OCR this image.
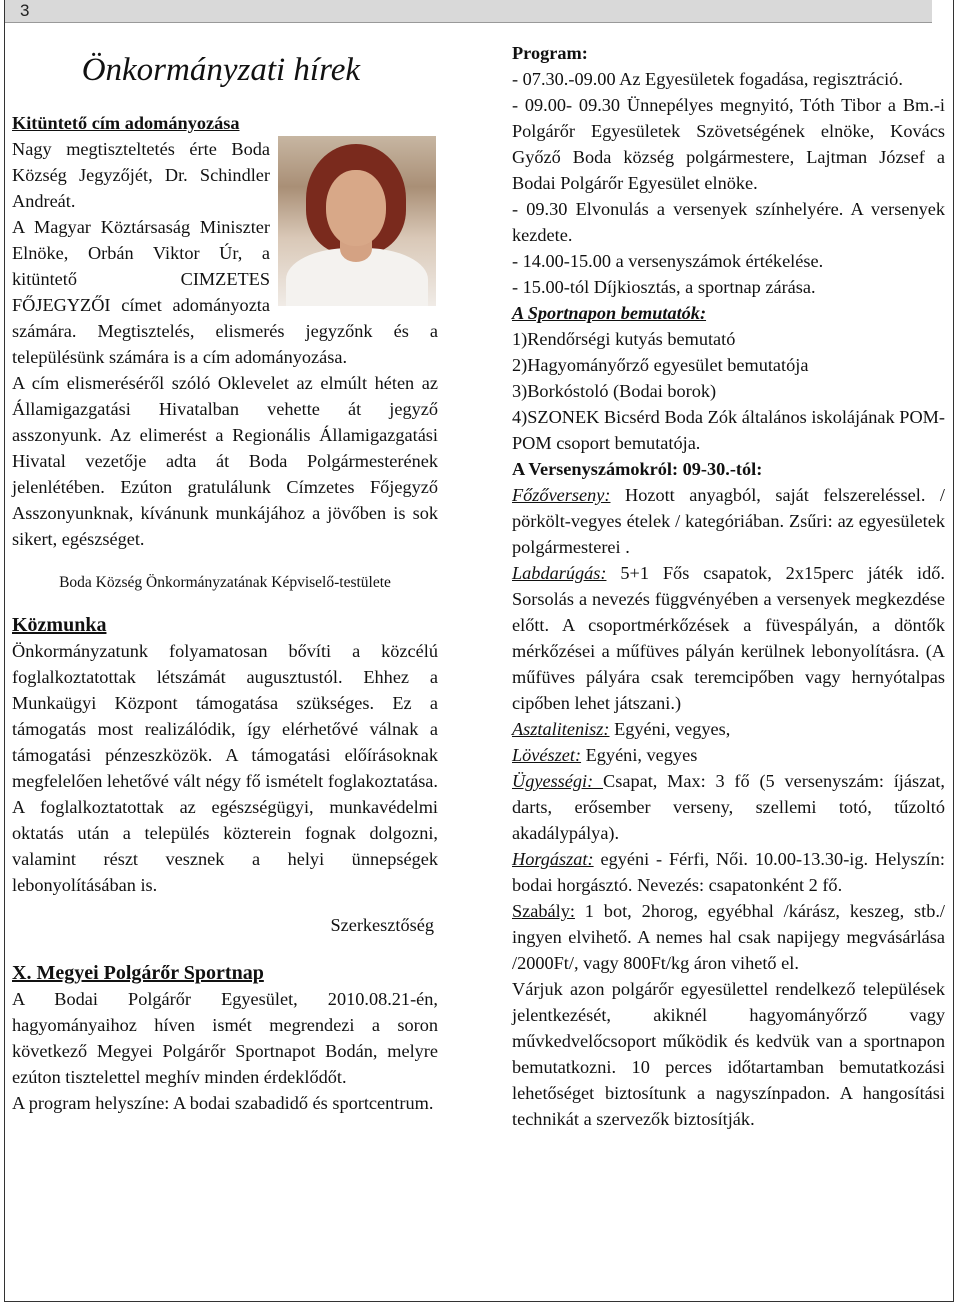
3
Önkormányzati hírek
Kitüntető cím adományozása

Nagy megtiszteltetés érte Boda Község Jegyzőjét, Dr. Schindler Andreát.

A Magyar Köztársaság Miniszter Elnöke, Orbán Viktor Úr, a kitüntető CIMZETES FŐJEGYZŐI címet adományozta számára. Megtisztelés, elismerés jegyzőnk és a településünk számára is a cím adományozása.

A cím elismeréséről szóló Oklevelet az elmúlt héten az Államigazgatási Hivatalban vehette át jegyző asszonyunk. Az elimerést a Regionális Államigazgatási Hivatal vezetője adta át Boda Polgármesterének jelenlétében. Ezúton gratulálunk Címzetes Főjegyző Asszonyunknak, kívánunk munkájához a jövőben is sok sikert, egészséget.

Boda Község Önkormányzatának Képviselő-testülete
Közmunka

Önkormányzatunk folyamatosan bővíti a közcélú foglalkoztatottak létszámát augusztustól. Ehhez a Munkaügyi Központ támogatása szükséges. Ez a támogatás most realizálódik, így elérhetővé válnak a támogatási pénzeszközök. A támogatási előírásoknak megfelelően lehetővé vált négy fő ismételt foglakoztatása. A foglalkoztatottak az egészségügyi, munkavédelmi oktatás után a település közterein fognak dolgozni, valamint részt vesznek a helyi ünnepségek lebonyolításában is.

Szerkesztőség
X. Megyei Polgárőr Sportnap

A Bodai Polgárőr Egyesület, 2010.08.21-én, hagyományaihoz híven ismét megrendezi a soron következő Megyei Polgárőr Sportnapot Bodán, melyre ezúton tisztelettel meghív minden érdeklődőt.

A program helyszíne: A bodai szabadidő és sportcentrum.

Program:

- 07.30.-09.00 Az Egyesületek fogadása, regisztráció.

- 09.00- 09.30 Ünnepélyes megnyitó, Tóth Tibor a Bm.-i Polgárőr Egyesületek Szövetségének elnöke, Kovács Győző Boda község polgármestere, Lajtman József a Bodai Polgárőr Egyesület elnöke.

- 09.30 Elvonulás a versenyek színhelyére. A versenyek kezdete.

- 14.00-15.00 a versenyszámok értékelése.

- 15.00-tól Díjkiosztás, a sportnap zárása.

A Sportnapon bemutatók:

1)Rendőrségi kutyás bemutató

2)Hagyományőrző egyesület bemutatója

3)Borkóstoló (Bodai borok)

4)SZONEK Bicsérd Boda Zók általános iskolájának POM-POM csoport bemutatója.

A Versenyszámokról: 09-30.-tól:

Főzőverseny: Hozott anyagból, saját felszereléssel. / pörkölt-vegyes ételek / kategóriában. Zsűri: az egyesületek polgármesterei .

Labdarúgás: 5+1 Fős csapatok, 2x15perc játék idő. Sorsolás a nevezés függvényében a versenyek megkezdése előtt. A csoportmérkőzések a füvespályán, a döntők mérkőzései a műfüves pályán kerülnek lebonyolításra. (A műfüves pályára csak teremcipőben vagy hernyótalpas cipőben lehet játszani.)

Asztalitenisz: Egyéni, vegyes,

Lövészet: Egyéni, vegyes

Ügyességi: Csapat, Max: 3 fő (5 versenyszám: íjászat, darts, erősember verseny, szellemi totó, tűzoltó akadálypálya).

Horgászat: egyéni - Férfi, Női. 10.00-13.30-ig. Helyszín: bodai horgásztó. Nevezés: csapatonként 2 fő.

Szabály: 1 bot, 2horog, egyébhal /kárász, keszeg, stb./ ingyen elvihető. A nemes hal csak napijegy megvásárlása /2000Ft/, vagy 800Ft/kg áron vihető el.

Várjuk azon polgárőr egyesülettel rendelkező települések jelentkezését, akiknél hagyományőrző vagy művkedvelőcsoport működik és kedvük van a sportnapon bemutatkozni. 10 perces időtartamban bemutatkozási lehetőséget biztosítunk a nagyszínpadon. A hangosítási technikát a szervezők biztosítják.
